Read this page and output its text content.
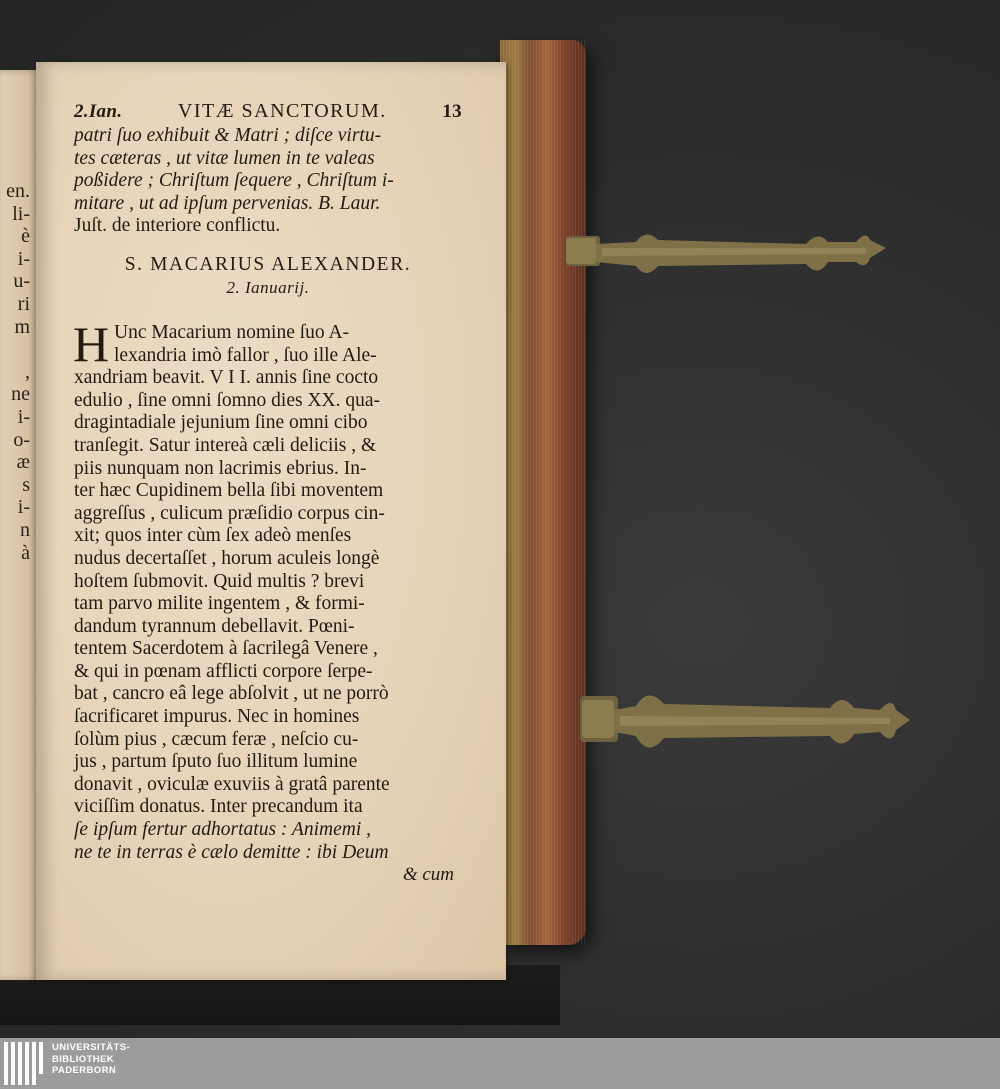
en.
li-
è
i-
u-
ri
m
,
ne
i-
o-
æ
s
i-
n
à
2.Ian.	VITÆ SANCTORUM.	13
patri ſuo exhibuit & Matri ; diſce virtu-
tes cæteras , ut vitæ lumen in te valeas
poßidere ; Chriſtum ſequere , Chriſtum i-
mitare , ut ad ipſum pervenias. B. Laur.
Juſt. de interiore conflictu.
S. MACARIUS ALEXANDER.
2. Ianuarij.
H Unc Macarium nomine ſuo A-
lexandria imò fallor , ſuo ille Ale-
xandriam beavit. V I I. annis ſine cocto
edulio , ſine omni ſomno dies XX. qua-
dragintadiale jejunium ſine omni cibo
tranſegit. Satur intereà cæli deliciis , &
piis nunquam non lacrimis ebrius. In-
ter hæc Cupidinem bella ſibi moventem
aggreſſus , culicum præſidio corpus cin-
xit; quos inter cùm ſex adeò menſes
nudus decertaſſet , horum aculeis longè
hoſtem ſubmovit. Quid multis ? brevi
tam parvo milite ingentem , & formi-
dandum tyrannum debellavit. Pœni-
tentem Sacerdotem à ſacrilegâ Venere ,
& qui in pœnam afflicti corpore ſerpe-
bat , cancro eâ lege abſolvit , ut ne porrò
ſacrificaret impurus. Nec in homines
ſolùm pius , cæcum feræ , neſcio cu-
jus , partum ſputo ſuo illitum lumine
donavit , oviculæ exuviis à gratâ parente
viciſſim donatus. Inter precandum ita
ſe ipſum fertur adhortatus : Animemi ,
ne te in terras è cælo demitte : ibi Deum
& cum
UNIVERSITÄTS-
BIBLIOTHEK
PADERBORN
